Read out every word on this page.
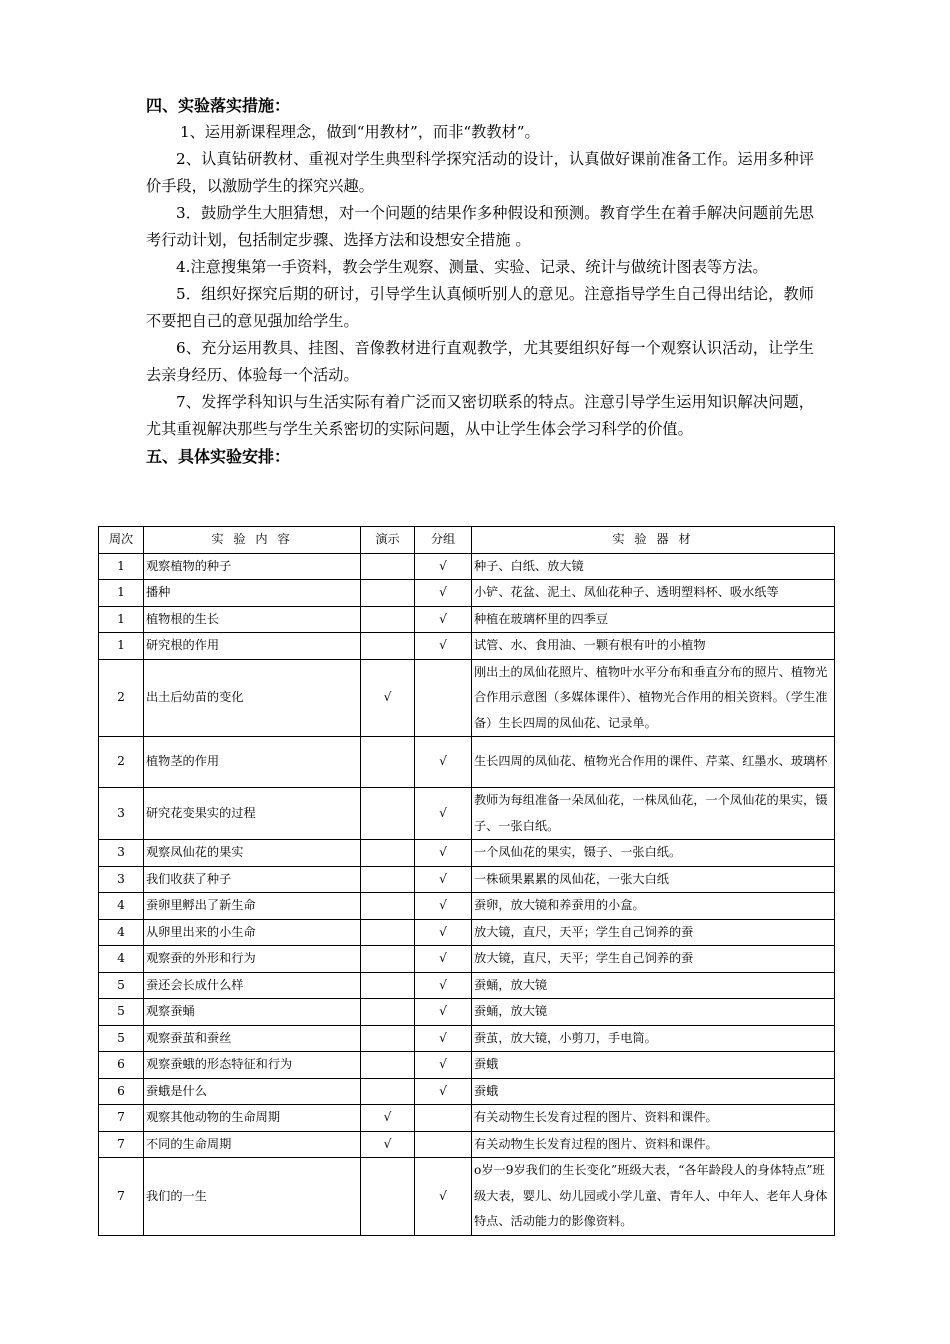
四、实验落实措施：

1、运用新课程理念，做到“用教材”，而非“教教材”。

2、认真钻研教材、重视对学生典型科学探究活动的设计，认真做好课前准备工作。运用多种评价手段，以激励学生的探究兴趣。

3．鼓励学生大胆猜想，对一个问题的结果作多种假设和预测。教育学生在着手解决问题前先思考行动计划，包括制定步骤、选择方法和设想安全措施 。

4.注意搜集第一手资料，教会学生观察、测量、实验、记录、统计与做统计图表等方法。

5．组织好探究后期的研讨，引导学生认真倾听别人的意见。注意指导学生自己得出结论，教师不要把自己的意见强加给学生。

6、充分运用教具、挂图、音像教材进行直观教学，尤其要组织好每一个观察认识活动，让学生去亲身经历、体验每一个活动。

7、发挥学科知识与生活实际有着广泛而又密切联系的特点。注意引导学生运用知识解决问题，尤其重视解决那些与学生关系密切的实际问题，从中让学生体会学习科学的价值。

五、具体实验安排：

周次	实 验 内 容	演示	分组	实 验 器 材
1	观察植物的种子		√	种子、白纸、放大镜
1	播种		√	小铲、花盆、泥土、凤仙花种子、透明塑料杯、吸水纸等
1	植物根的生长		√	种植在玻璃杯里的四季豆
1	研究根的作用		√	试管、水、食用油、一颗有根有叶的小植物
2	出土后幼苗的变化	√		刚出土的凤仙花照片、植物叶水平分布和垂直分布的照片、植物光合作用示意图（多媒体课件）、植物光合作用的相关资料。（学生准备）生长四周的凤仙花、记录单。
2	植物茎的作用		√	生长四周的凤仙花、植物光合作用的课件、芹菜、红墨水、玻璃杯
3	研究花变果实的过程		√	教师为每组准备一朵凤仙花，一株凤仙花，一个凤仙花的果实，镊子、一张白纸。
3	观察凤仙花的果实		√	一个凤仙花的果实，镊子、一张白纸。
3	我们收获了种子		√	一株硕果累累的凤仙花，一张大白纸
4	蚕卵里孵出了新生命		√	蚕卵，放大镜和养蚕用的小盒。
4	从卵里出来的小生命		√	放大镜，直尺，天平；学生自己饲养的蚕
4	观察蚕的外形和行为		√	放大镜，直尺，天平；学生自己饲养的蚕
5	蚕还会长成什么样		√	蚕蛹，放大镜
5	观察蚕蛹		√	蚕蛹，放大镜
5	观察蚕茧和蚕丝		√	蚕茧，放大镜，小剪刀，手电筒。
6	观察蚕蛾的形态特征和行为		√	蚕蛾
6	蚕蛾是什么		√	蚕蛾
7	观察其他动物的生命周期	√		有关动物生长发育过程的图片、资料和课件。
7	不同的生命周期	√		有关动物生长发育过程的图片、资料和课件。
7	我们的一生		√	o岁一9岁我们的生长变化”班级大表，“各年龄段人的身体特点”班级大表，婴儿、幼儿园或小学儿童、青年人、中年人、老年人身体特点、活动能力的影像资料。
